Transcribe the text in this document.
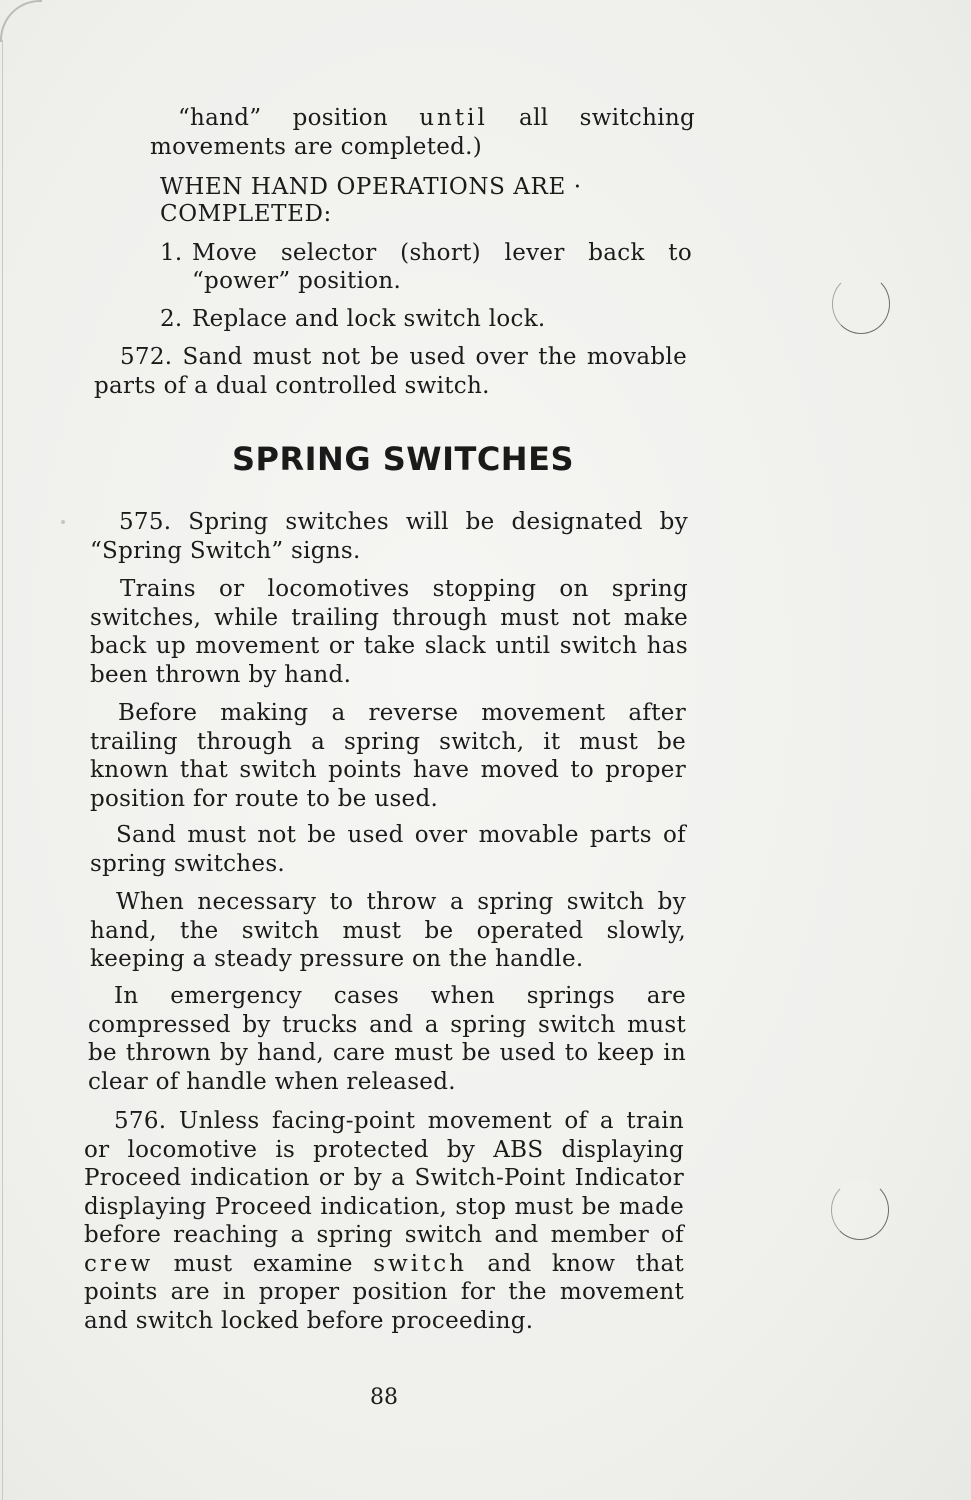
“hand” position until all switching movements are completed.)
WHEN HAND OPERATIONS ARE · COMPLETED:
1. Move selector (short) lever back to “power” position.
2. Replace and lock switch lock.
572. Sand must not be used over the movable parts of a dual controlled switch.
SPRING SWITCHES
575. Spring switches will be designated by “Spring Switch” signs.
Trains or locomotives stopping on spring switches, while trailing through must not make back up movement or take slack until switch has been thrown by hand.
Before making a reverse movement after trailing through a spring switch, it must be known that switch points have moved to proper position for route to be used.
Sand must not be used over movable parts of spring switches.
When necessary to throw a spring switch by hand, the switch must be operated slowly, keeping a steady pressure on the handle.
In emergency cases when springs are compressed by trucks and a spring switch must be thrown by hand, care must be used to keep in clear of handle when released.
576. Unless facing-point movement of a train or locomotive is protected by ABS displaying Proceed indication or by a Switch-Point Indicator displaying Proceed indication, stop must be made before reaching a spring switch and member of crew must examine switch and know that points are in proper position for the movement and switch locked before proceeding.
88
